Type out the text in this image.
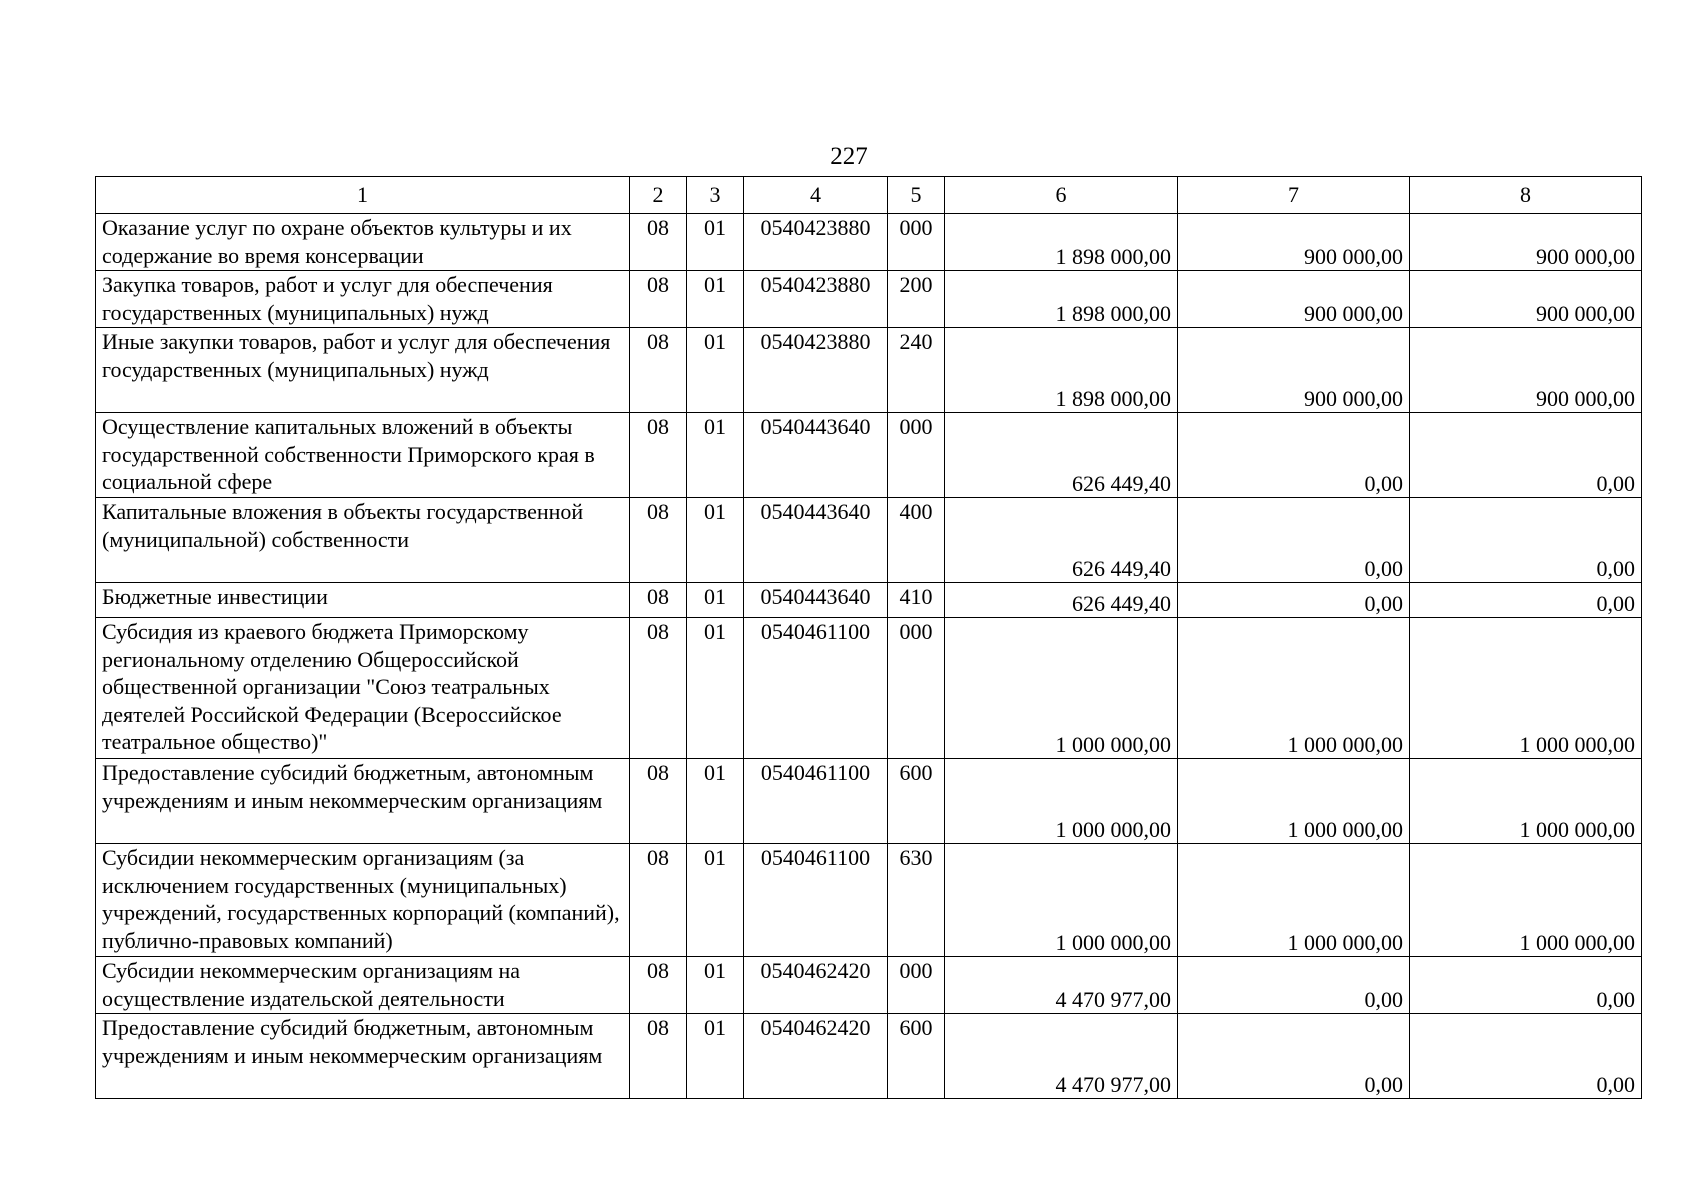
227
1	2	3	4	5	6	7	8
Оказание услуг по охране объектов культуры и их содержание во время консервации	08	01	0540423880	000	1 898 000,00	900 000,00	900 000,00
Закупка товаров, работ и услуг для обеспечения государственных (муниципальных) нужд	08	01	0540423880	200	1 898 000,00	900 000,00	900 000,00
Иные закупки товаров, работ и услуг для обеспечения государственных (муниципальных) нужд	08	01	0540423880	240	1 898 000,00	900 000,00	900 000,00
Осуществление капитальных вложений в объекты государственной собственности Приморского края в социальной сфере	08	01	0540443640	000	626 449,40	0,00	0,00
Капитальные вложения в объекты государственной (муниципальной) собственности	08	01	0540443640	400	626 449,40	0,00	0,00
Бюджетные инвестиции	08	01	0540443640	410	626 449,40	0,00	0,00
Субсидия из краевого бюджета Приморскому региональному отделению Общероссийской общественной организации "Союз театральных деятелей Российской Федерации (Всероссийское театральное общество)"	08	01	0540461100	000	1 000 000,00	1 000 000,00	1 000 000,00
Предоставление субсидий бюджетным, автономным учреждениям и иным некоммерческим организациям	08	01	0540461100	600	1 000 000,00	1 000 000,00	1 000 000,00
Субсидии некоммерческим организациям (за исключением государственных (муниципальных) учреждений, государственных корпораций (компаний), публично-правовых компаний)	08	01	0540461100	630	1 000 000,00	1 000 000,00	1 000 000,00
Субсидии некоммерческим организациям на осуществление издательской деятельности	08	01	0540462420	000	4 470 977,00	0,00	0,00
Предоставление субсидий бюджетным, автономным учреждениям и иным некоммерческим организациям	08	01	0540462420	600	4 470 977,00	0,00	0,00
